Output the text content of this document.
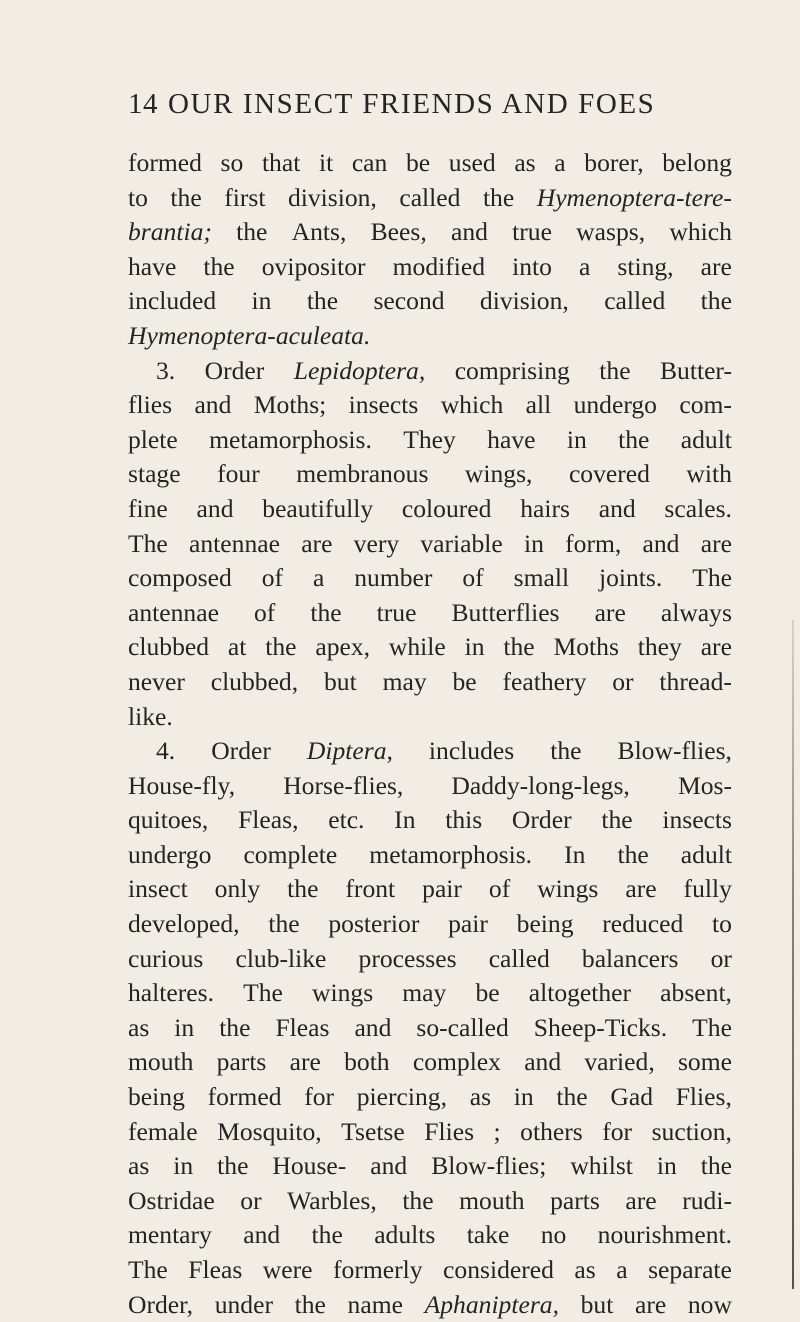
14 OUR INSECT FRIENDS AND FOES
formed so that it can be used as a borer, belong
to the first division, called the Hymenoptera-tere-
brantia; the Ants, Bees, and true wasps, which
have the ovipositor modified into a sting, are
included in the second division, called the
Hymenoptera-aculeata.
3. Order Lepidoptera, comprising the Butter-
flies and Moths; insects which all undergo com-
plete metamorphosis. They have in the adult
stage four membranous wings, covered with
fine and beautifully coloured hairs and scales.
The antennae are very variable in form, and are
composed of a number of small joints. The
antennae of the true Butterflies are always
clubbed at the apex, while in the Moths they are
never clubbed, but may be feathery or thread-
like.
4. Order Diptera, includes the Blow-flies,
House-fly, Horse-flies, Daddy-long-legs, Mos-
quitoes, Fleas, etc. In this Order the insects
undergo complete metamorphosis. In the adult
insect only the front pair of wings are fully
developed, the posterior pair being reduced to
curious club-like processes called balancers or
halteres. The wings may be altogether absent,
as in the Fleas and so-called Sheep-Ticks. The
mouth parts are both complex and varied, some
being formed for piercing, as in the Gad Flies,
female Mosquito, Tsetse Flies ; others for suction,
as in the House- and Blow-flies; whilst in the
Ostridae or Warbles, the mouth parts are rudi-
mentary and the adults take no nourishment.
The Fleas were formerly considered as a separate
Order, under the name Aphaniptera, but are now
